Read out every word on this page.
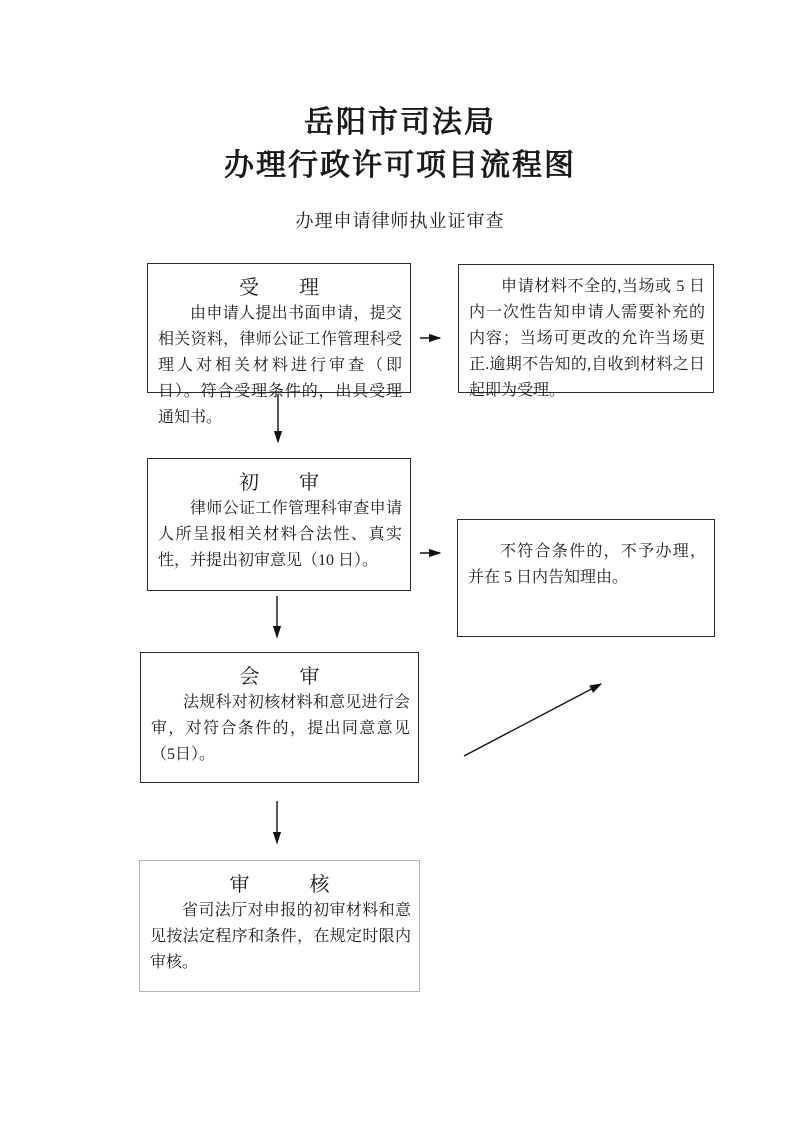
岳阳市司法局
办理行政许可项目流程图
办理申请律师执业证审查
受　　理

由申请人提出书面申请，提交相关资料，律师公证工作管理科受理人对相关材料进行审查（即日）。符合受理条件的，出具受理通知书。

申请材料不全的,当场或 5 日内一次性告知申请人需要补充的内容；当场可更改的允许当场更正.逾期不告知的,自收到材料之日起即为受理。

初　　审

律师公证工作管理科审查申请人所呈报相关材料合法性、真实性，并提出初审意见（10 日）。

不符合条件的，不予办理，并在 5 日内告知理由。

会　　审

法规科对初核材料和意见进行会审，对符合条件的，提出同意意见（5日）。

审　　　核

省司法厅对申报的初审材料和意见按法定程序和条件，在规定时限内审核。
